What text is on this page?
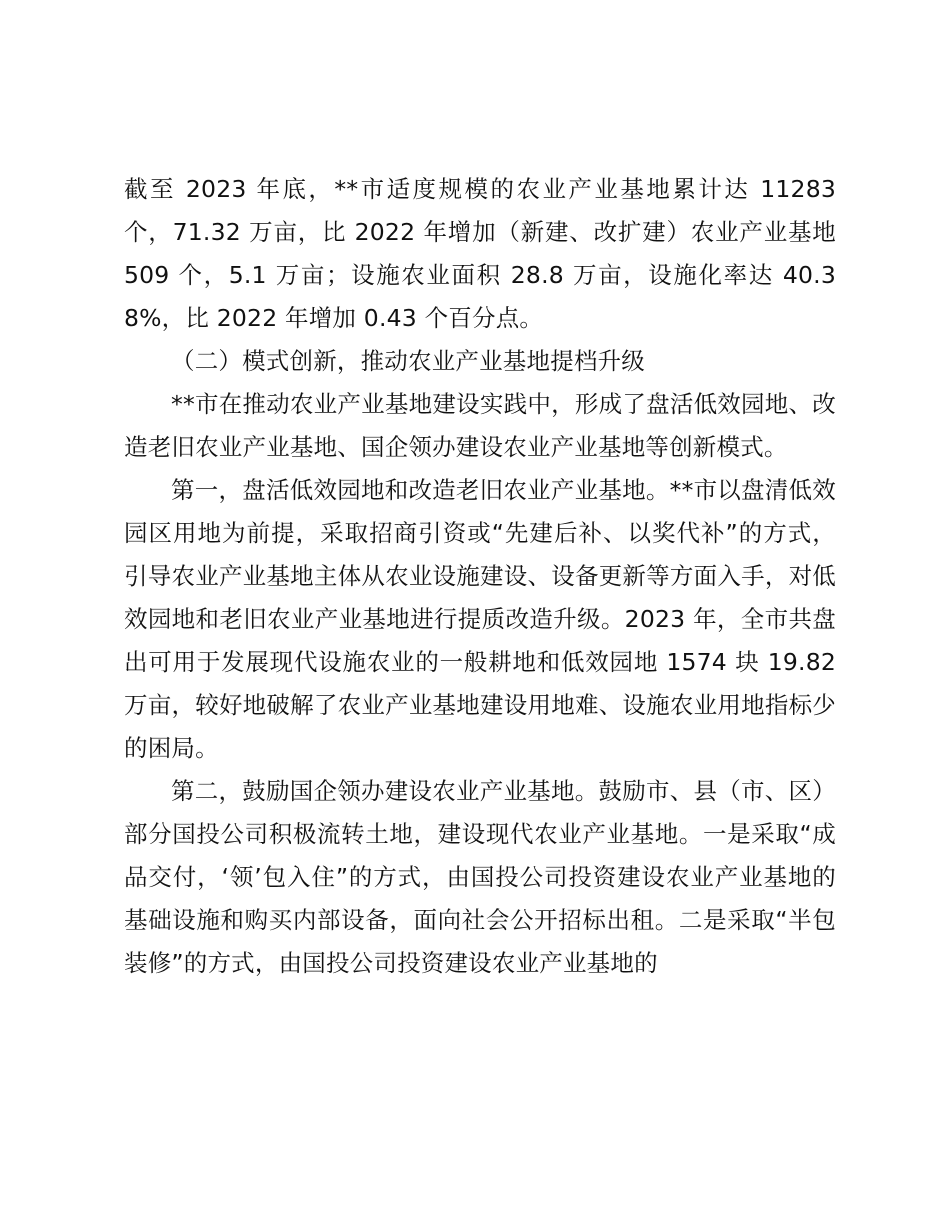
截至 2023 年底，**市适度规模的农业产业基地累计达 11283 个，71.32 万亩，比 2022 年增加（新建、改扩建）农业产业基地 509 个，5.1 万亩；设施农业面积 28.8 万亩，设施化率达 40.38%，比 2022 年增加 0.43 个百分点。

（二）模式创新，推动农业产业基地提档升级

**市在推动农业产业基地建设实践中，形成了盘活低效园地、改造老旧农业产业基地、国企领办建设农业产业基地等创新模式。

第一，盘活低效园地和改造老旧农业产业基地。**市以盘清低效园区用地为前提，采取招商引资或“先建后补、以奖代补”的方式，引导农业产业基地主体从农业设施建设、设备更新等方面入手，对低效园地和老旧农业产业基地进行提质改造升级。2023 年，全市共盘出可用于发展现代设施农业的一般耕地和低效园地 1574 块 19.82 万亩，较好地破解了农业产业基地建设用地难、设施农业用地指标少的困局。

第二，鼓励国企领办建设农业产业基地。鼓励市、县（市、区）部分国投公司积极流转土地，建设现代农业产业基地。一是采取“成品交付，‘领’包入住”的方式，由国投公司投资建设农业产业基地的基础设施和购买内部设备，面向社会公开招标出租。二是采取“半包装修”的方式，由国投公司投资建设农业产业基地的
